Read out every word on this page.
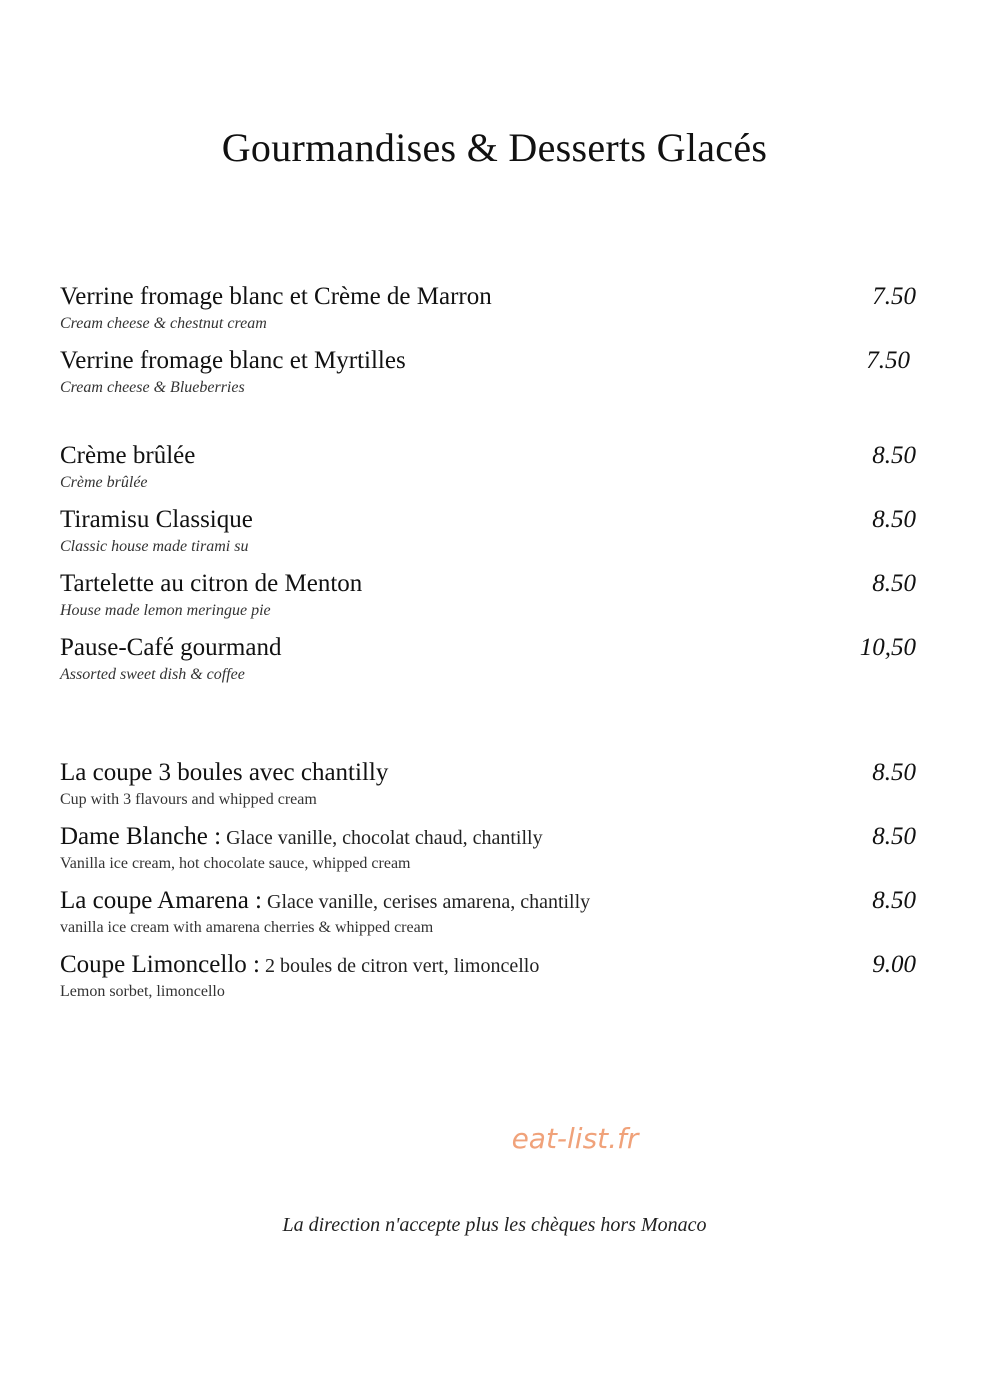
Gourmandises & Desserts Glacés
Verrine fromage blanc et Crème de Marron	7.50
Cream cheese & chestnut cream
Verrine fromage blanc et Myrtilles	7.50
Cream cheese & Blueberries
Crème brûlée	8.50
Crème brûlée
Tiramisu Classique	8.50
Classic house made tirami su
Tartelette au citron de Menton	8.50
House made lemon meringue pie
Pause-Café gourmand	10,50
Assorted sweet dish & coffee
La coupe 3 boules avec chantilly	8.50
Cup with 3 flavours and whipped cream
Dame Blanche : Glace vanille, chocolat chaud, chantilly	8.50
Vanilla ice cream, hot chocolate sauce, whipped cream
La coupe Amarena : Glace vanille, cerises amarena, chantilly	8.50
vanilla ice cream with amarena cherries & whipped cream
Coupe Limoncello : 2 boules de citron vert, limoncello	9.00
Lemon sorbet, limoncello
eat-list.fr
La direction n'accepte plus les chèques hors Monaco
